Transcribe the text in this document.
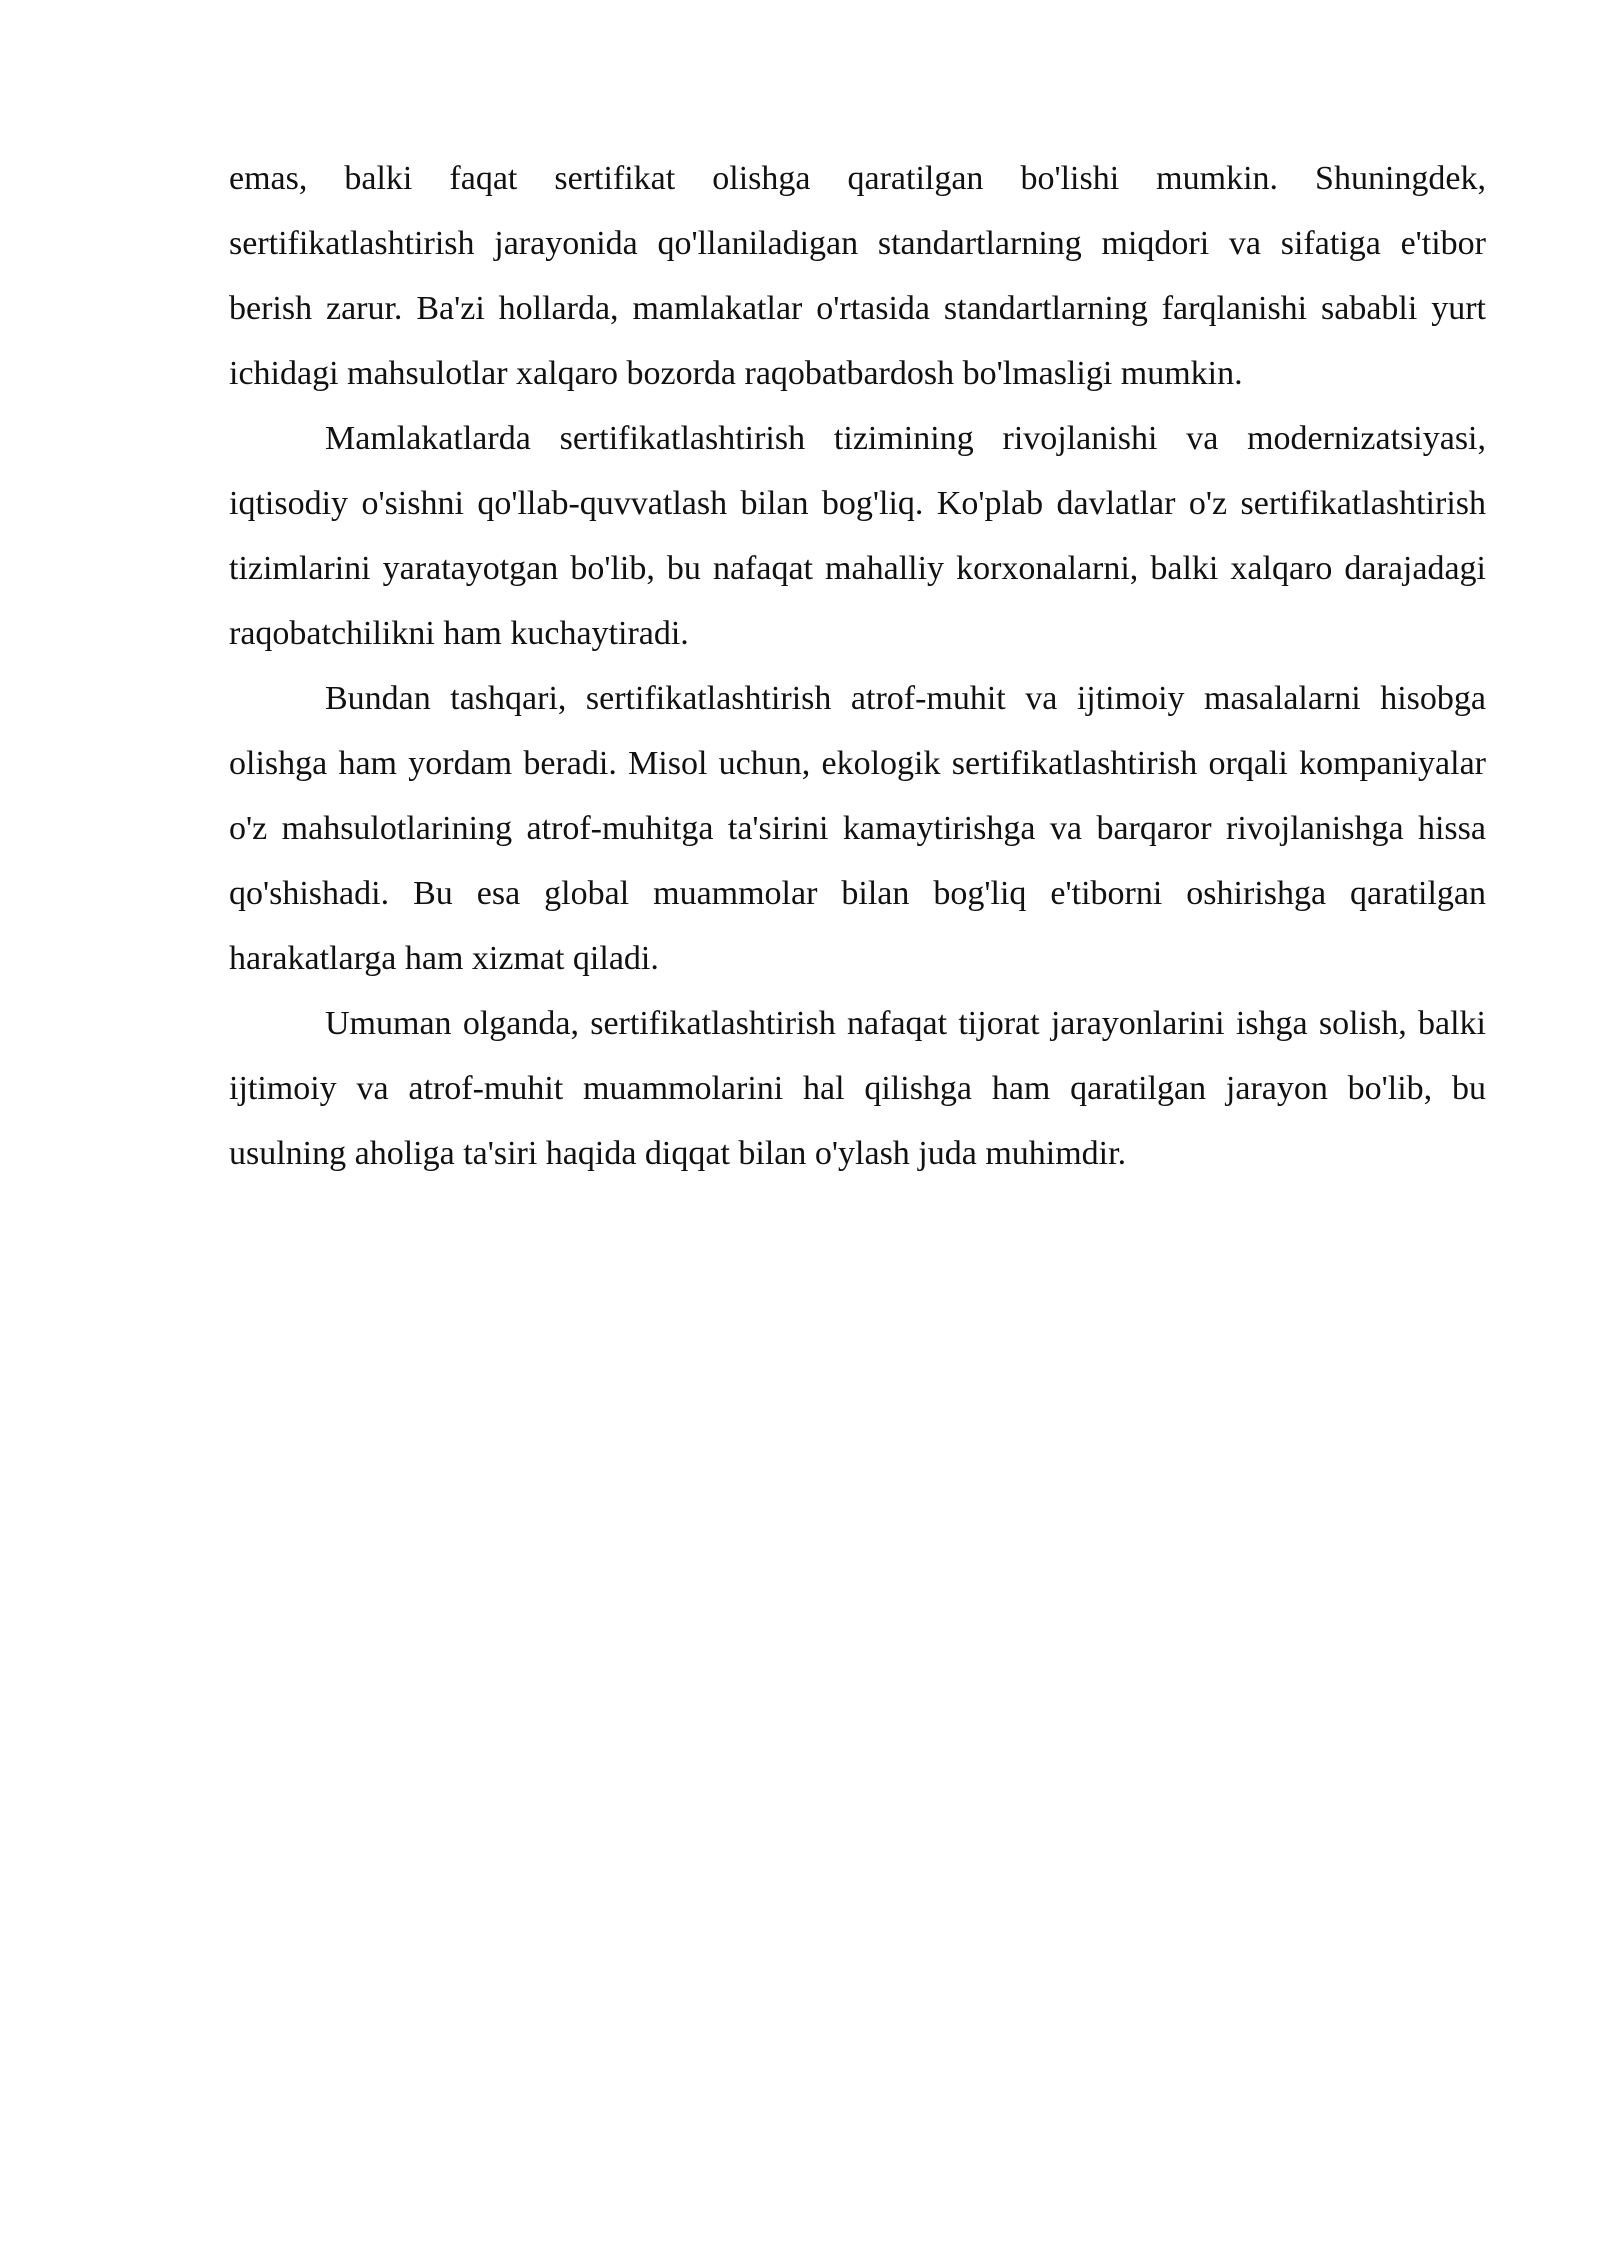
emas, balki faqat sertifikat olishga qaratilgan bo'lishi mumkin. Shuningdek, sertifikatlashtirish jarayonida qo'llaniladigan standartlarning miqdori va sifatiga e'tibor berish zarur. Ba'zi hollarda, mamlakatlar o'rtasida standartlarning farqlanishi sababli yurt ichidagi mahsulotlar xalqaro bozorda raqobatbardosh bo'lmasligi mumkin.

Mamlakatlarda sertifikatlashtirish tizimining rivojlanishi va modernizatsiyasi, iqtisodiy o'sishni qo'llab-quvvatlash bilan bog'liq. Ko'plab davlatlar o'z sertifikatlashtirish tizimlarini yaratayotgan bo'lib, bu nafaqat mahalliy korxonalarni, balki xalqaro darajadagi raqobatchilikni ham kuchaytiradi.

Bundan tashqari, sertifikatlashtirish atrof-muhit va ijtimoiy masalalarni hisobga olishga ham yordam beradi. Misol uchun, ekologik sertifikatlashtirish orqali kompaniyalar o'z mahsulotlarining atrof-muhitga ta'sirini kamaytirishga va barqaror rivojlanishga hissa qo'shishadi. Bu esa global muammolar bilan bog'liq e'tiborni oshirishga qaratilgan harakatlarga ham xizmat qiladi.

Umuman olganda, sertifikatlashtirish nafaqat tijorat jarayonlarini ishga solish, balki ijtimoiy va atrof-muhit muammolarini hal qilishga ham qaratilgan jarayon bo'lib, bu usulning aholiga ta'siri haqida diqqat bilan o'ylash juda muhimdir.
